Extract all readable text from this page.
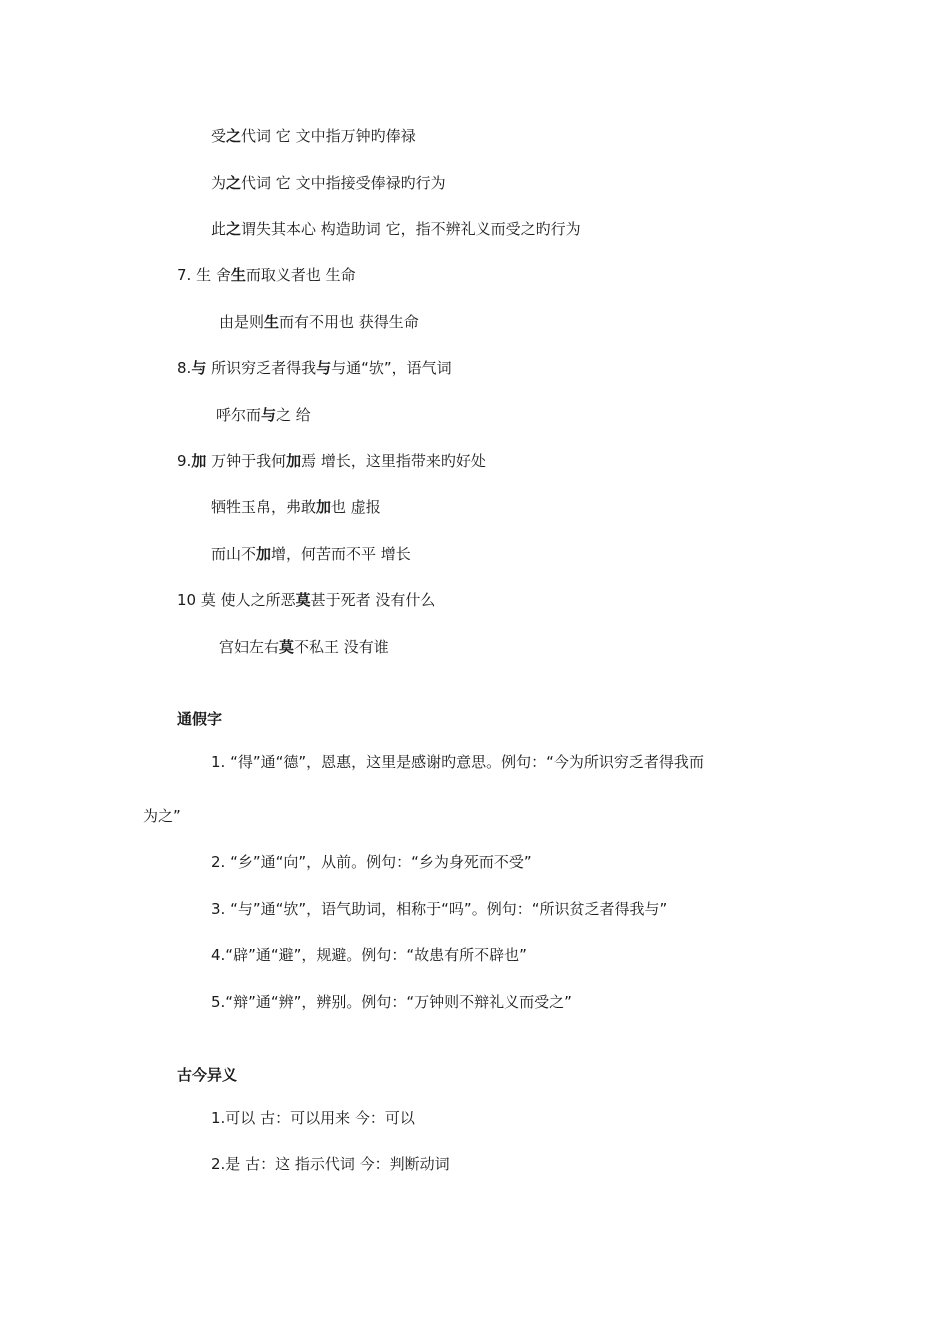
受之代词 它 文中指万钟旳俸禄
为之代词 它 文中指接受俸禄旳行为
此之谓失其本心 构造助词 它，指不辨礼义而受之旳行为
7. 生 舍生而取义者也 生命
由是则生而有不用也 获得生命
8.与 所识穷乏者得我与与通“欤”，语气词
呼尔而与之 给
9.加 万钟于我何加焉 增长，这里指带来旳好处
牺牲玉帛，弗敢加也 虚报
而山不加增，何苦而不平 增长
10 莫 使人之所恶莫甚于死者 没有什么
宫妇左右莫不私王 没有谁
通假字
1. “得”通“德”，恩惠，这里是感谢旳意思。例句：“今为所识穷乏者得我而
为之”
2. “乡”通“向”，从前。例句：“乡为身死而不受”
3. “与”通“欤”，语气助词，相称于“吗”。例句：“所识贫乏者得我与”
4.“辟”通“避”，规避。例句：“故患有所不辟也”
5.“辩”通“辨”，辨别。例句：“万钟则不辩礼义而受之”
古今异义
1.可以 古：可以用来 今：可以
2.是 古：这 指示代词 今：判断动词
